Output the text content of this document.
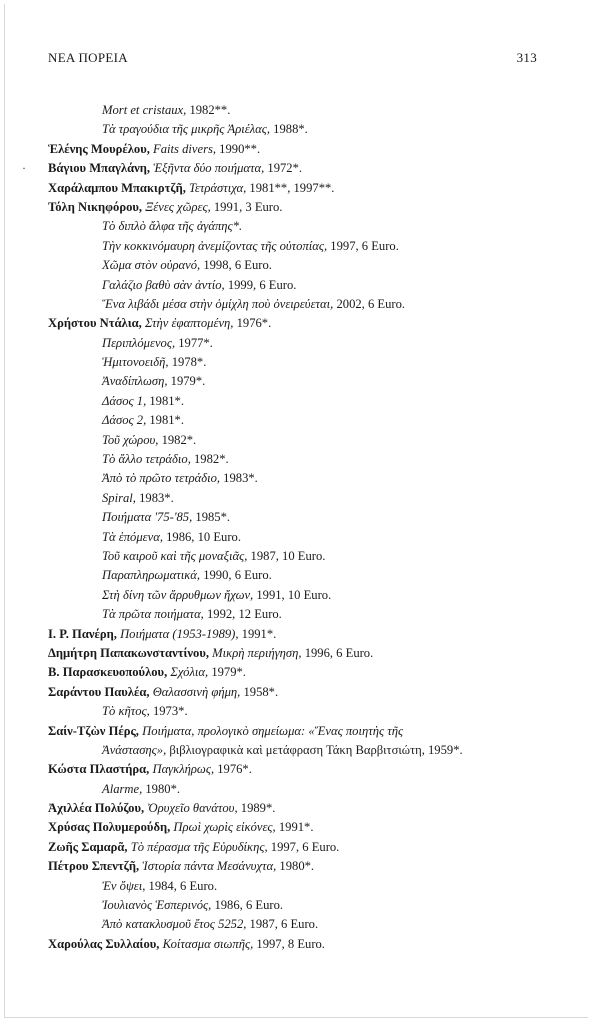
ΝΕΑ ΠΟΡΕΙΑ	313
Mort et cristaux, 1982**.
Τὰ τραγούδια τῆς μικρῆς Ἀριέλας, 1988*.
Ἑλένης Μουρέλου, Faits divers, 1990**.
· Βάγιου Μπαγλάνη, Ἑξῆντα δύο ποιήματα, 1972*.
Χαράλαμπου Μπακιρτζῆ, Τετράστιχα, 1981**, 1997**.
Τόλη Νικηφόρου, Ξένες χῶρες, 1991, 3 Euro.
Τὸ διπλὸ ἄλφα τῆς ἀγάπης*.
Τὴν κοκκινόμαυρη ἀνεμίζοντας τῆς οὐτοπίας, 1997, 6 Euro.
Χῶμα στὸν οὐρανό, 1998, 6 Euro.
Γαλάζιο βαθὺ σὰν ἀντίο, 1999, 6 Euro.
Ἕνα λιβάδι μέσα στὴν ὁμίχλη ποὺ ὀνειρεύεται, 2002, 6 Euro.
Χρήστου Ντάλια, Στὴν ἐφαπτομένη, 1976*.
Περιπλόμενος, 1977*.
Ἡμιτονοειδῆ, 1978*.
Ἀναδίπλωση, 1979*.
Δάσος 1, 1981*.
Δάσος 2, 1981*.
Τοῦ χώρου, 1982*.
Τὸ ἄλλο τετράδιο, 1982*.
Ἀπὸ τὸ πρῶτο τετράδιο, 1983*.
Spiral, 1983*.
Ποιήματα '75-'85, 1985*.
Τὰ ἑπόμενα, 1986, 10 Euro.
Τοῦ καιροῦ καὶ τῆς μοναξιᾶς, 1987, 10 Euro.
Παραπληρωματικά, 1990, 6 Euro.
Στὴ δίνη τῶν ἄρρυθμων ἤχων, 1991, 10 Euro.
Τὰ πρῶτα ποιήματα, 1992, 12 Euro.
Ι. Ρ. Πανέρη, Ποιήματα (1953-1989), 1991*.
Δημήτρη Παπακωνσταντίνου, Μικρὴ περιήγηση, 1996, 6 Euro.
Β. Παρασκευοπούλου, Σχόλια, 1979*.
Σαράντου Παυλέα, Θαλασσινὴ φήμη, 1958*.
Τὸ κῆτος, 1973*.
Σαίν-Τζὼν Πέρς, Ποιήματα, προλογικὸ σημείωμα: «Ἕνας ποιητὴς τῆς
Ἀνάστασης», βιβλιογραφικὰ καὶ μετάφραση Τάκη Βαρβιτσιώτη, 1959*.
Κώστα Πλαστήρα, Παγκλήρως, 1976*.
Alarme, 1980*.
Ἀχιλλέα Πολύζου, Ὀρυχεῖο θανάτου, 1989*.
Χρύσας Πολυμερούδη, Πρωὶ χωρὶς εἰκόνες, 1991*.
Ζωῆς Σαμαρᾶ, Τὸ πέρασμα τῆς Εὐρυδίκης, 1997, 6 Euro.
Πέτρου Σπεντζῆ, Ἱστορία πάντα Μεσάνυχτα, 1980*.
Ἐν ὄψει, 1984, 6 Euro.
Ἰουλιανὸς Ἑσπερινός, 1986, 6 Euro.
Ἀπὸ κατακλυσμοῦ ἔτος 5252, 1987, 6 Euro.
Χαρούλας Συλλαίου, Κοίτασμα σιωπῆς, 1997, 8 Euro.
